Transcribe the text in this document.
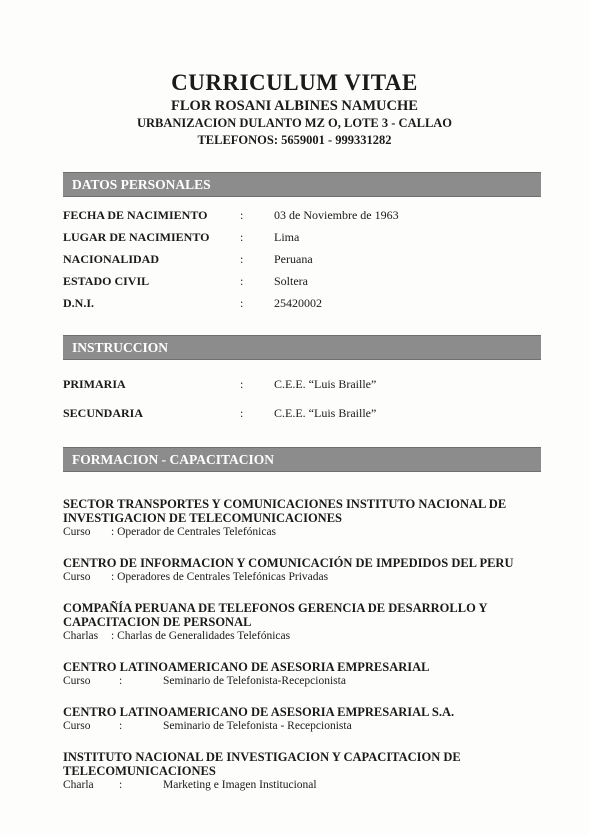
CURRICULUM VITAE
FLOR ROSANI ALBINES NAMUCHE
URBANIZACION DULANTO MZ O, LOTE 3 - CALLAO
TELEFONOS: 5659001 - 999331282
DATOS PERSONALES
FECHA DE NACIMIENTO	:	03 de Noviembre de 1963
LUGAR DE NACIMIENTO	:	Lima
NACIONALIDAD	:	Peruana
ESTADO CIVIL	:	Soltera
D.N.I.	:	25420002
INSTRUCCION
PRIMARIA	:	C.E.E. “Luis Braille”
SECUNDARIA	:	C.E.E. “Luis Braille”
FORMACION - CAPACITACION
SECTOR TRANSPORTES Y COMUNICACIONES INSTITUTO NACIONAL DE
INVESTIGACION DE TELECOMUNICACIONES
Curso : Operador de Centrales Telefónicas
CENTRO DE INFORMACION Y COMUNICACIÓN DE IMPEDIDOS DEL PERU
Curso : Operadores de Centrales Telefónicas Privadas
COMPAÑÍA PERUANA DE TELEFONOS GERENCIA DE DESARROLLO Y
CAPACITACION DE PERSONAL
Charlas : Charlas de Generalidades Telefónicas
CENTRO LATINOAMERICANO DE ASESORIA EMPRESARIAL
Curso :	Seminario de Telefonista-Recepcionista
CENTRO LATINOAMERICANO DE ASESORIA EMPRESARIAL S.A.
Curso :	Seminario de Telefonista - Recepcionista
INSTITUTO NACIONAL DE INVESTIGACION Y CAPACITACION DE
TELECOMUNICACIONES
Charla :	Marketing e Imagen Institucional
